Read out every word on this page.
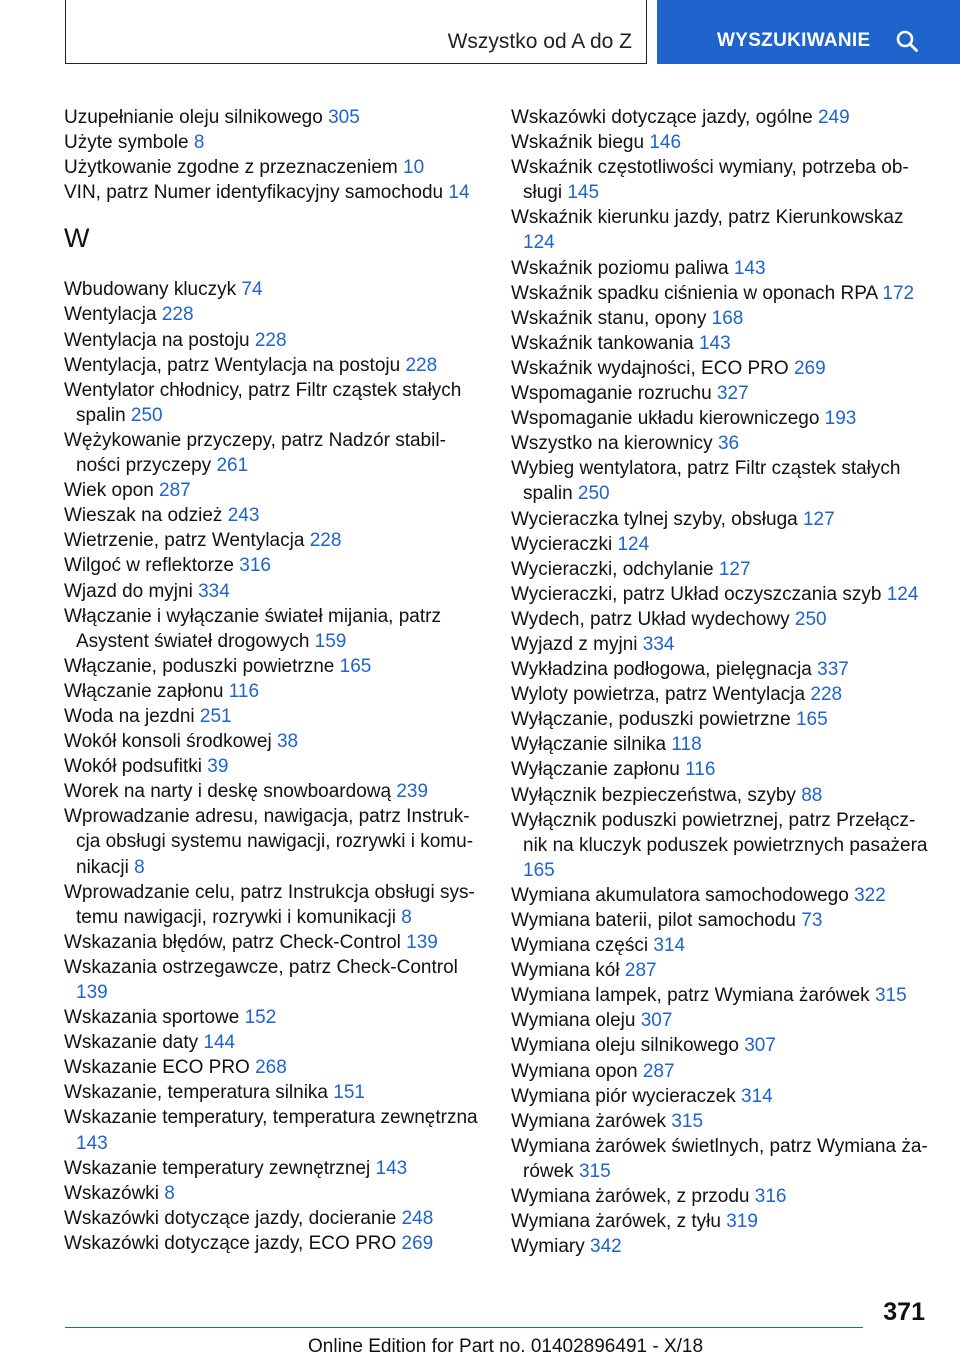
Wszystko od A do Z	WYSZUKIWANIE
Uzupełnianie oleju silnikowego 305
Użyte symbole 8
Użytkowanie zgodne z przeznaczeniem 10
VIN, patrz Numer identyfikacyjny samochodu 14
W
Wbudowany kluczyk 74
Wentylacja 228
Wentylacja na postoju 228
Wentylacja, patrz Wentylacja na postoju 228
Wentylator chłodnicy, patrz Filtr cząstek stałych spalin 250
Wężykowanie przyczepy, patrz Nadzór stabilności przyczepy 261
Wiek opon 287
Wieszak na odzież 243
Wietrzenie, patrz Wentylacja 228
Wilgoć w reflektorze 316
Wjazd do myjni 334
Włączanie i wyłączanie świateł mijania, patrz Asystent świateł drogowych 159
Włączanie, poduszki powietrzne 165
Włączanie zapłonu 116
Woda na jezdni 251
Wokół konsoli środkowej 38
Wokół podsufitki 39
Worek na narty i deskę snowboardową 239
Wprowadzanie adresu, nawigacja, patrz Instrukcja obsługi systemu nawigacji, rozrywki i komunikacji 8
Wprowadzanie celu, patrz Instrukcja obsługi systemu nawigacji, rozrywki i komunikacji 8
Wskazania błędów, patrz Check-Control 139
Wskazania ostrzegawcze, patrz Check-Control 139
Wskazania sportowe 152
Wskazanie daty 144
Wskazanie ECO PRO 268
Wskazanie, temperatura silnika 151
Wskazanie temperatury, temperatura zewnętrzna 143
Wskazanie temperatury zewnętrznej 143
Wskazówki 8
Wskazówki dotyczące jazdy, docieranie 248
Wskazówki dotyczące jazdy, ECO PRO 269
Wskazówki dotyczące jazdy, ogólne 249
Wskaźnik biegu 146
Wskaźnik częstotliwości wymiany, potrzeba obsługi 145
Wskaźnik kierunku jazdy, patrz Kierunkowskaz 124
Wskaźnik poziomu paliwa 143
Wskaźnik spadku ciśnienia w oponach RPA 172
Wskaźnik stanu, opony 168
Wskaźnik tankowania 143
Wskaźnik wydajności, ECO PRO 269
Wspomaganie rozruchu 327
Wspomaganie układu kierowniczego 193
Wszystko na kierownicy 36
Wybieg wentylatora, patrz Filtr cząstek stałych spalin 250
Wycieraczka tylnej szyby, obsługa 127
Wycieraczki 124
Wycieraczki, odchylanie 127
Wycieraczki, patrz Układ oczyszczania szyb 124
Wydech, patrz Układ wydechowy 250
Wyjazd z myjni 334
Wykładzina podłogowa, pielęgnacja 337
Wyloty powietrza, patrz Wentylacja 228
Wyłączanie, poduszki powietrzne 165
Wyłączanie silnika 118
Wyłączanie zapłonu 116
Wyłącznik bezpieczeństwa, szyby 88
Wyłącznik poduszki powietrznej, patrz Przełącznik na kluczyk poduszek powietrznych pasażera 165
Wymiana akumulatora samochodowego 322
Wymiana baterii, pilot samochodu 73
Wymiana części 314
Wymiana kół 287
Wymiana lampek, patrz Wymiana żarówek 315
Wymiana oleju 307
Wymiana oleju silnikowego 307
Wymiana opon 287
Wymiana piór wycieraczek 314
Wymiana żarówek 315
Wymiana żarówek świetlnych, patrz Wymiana żarówek 315
Wymiana żarówek, z przodu 316
Wymiana żarówek, z tyłu 319
Wymiary 342
371
Online Edition for Part no. 01402896491 - X/18
